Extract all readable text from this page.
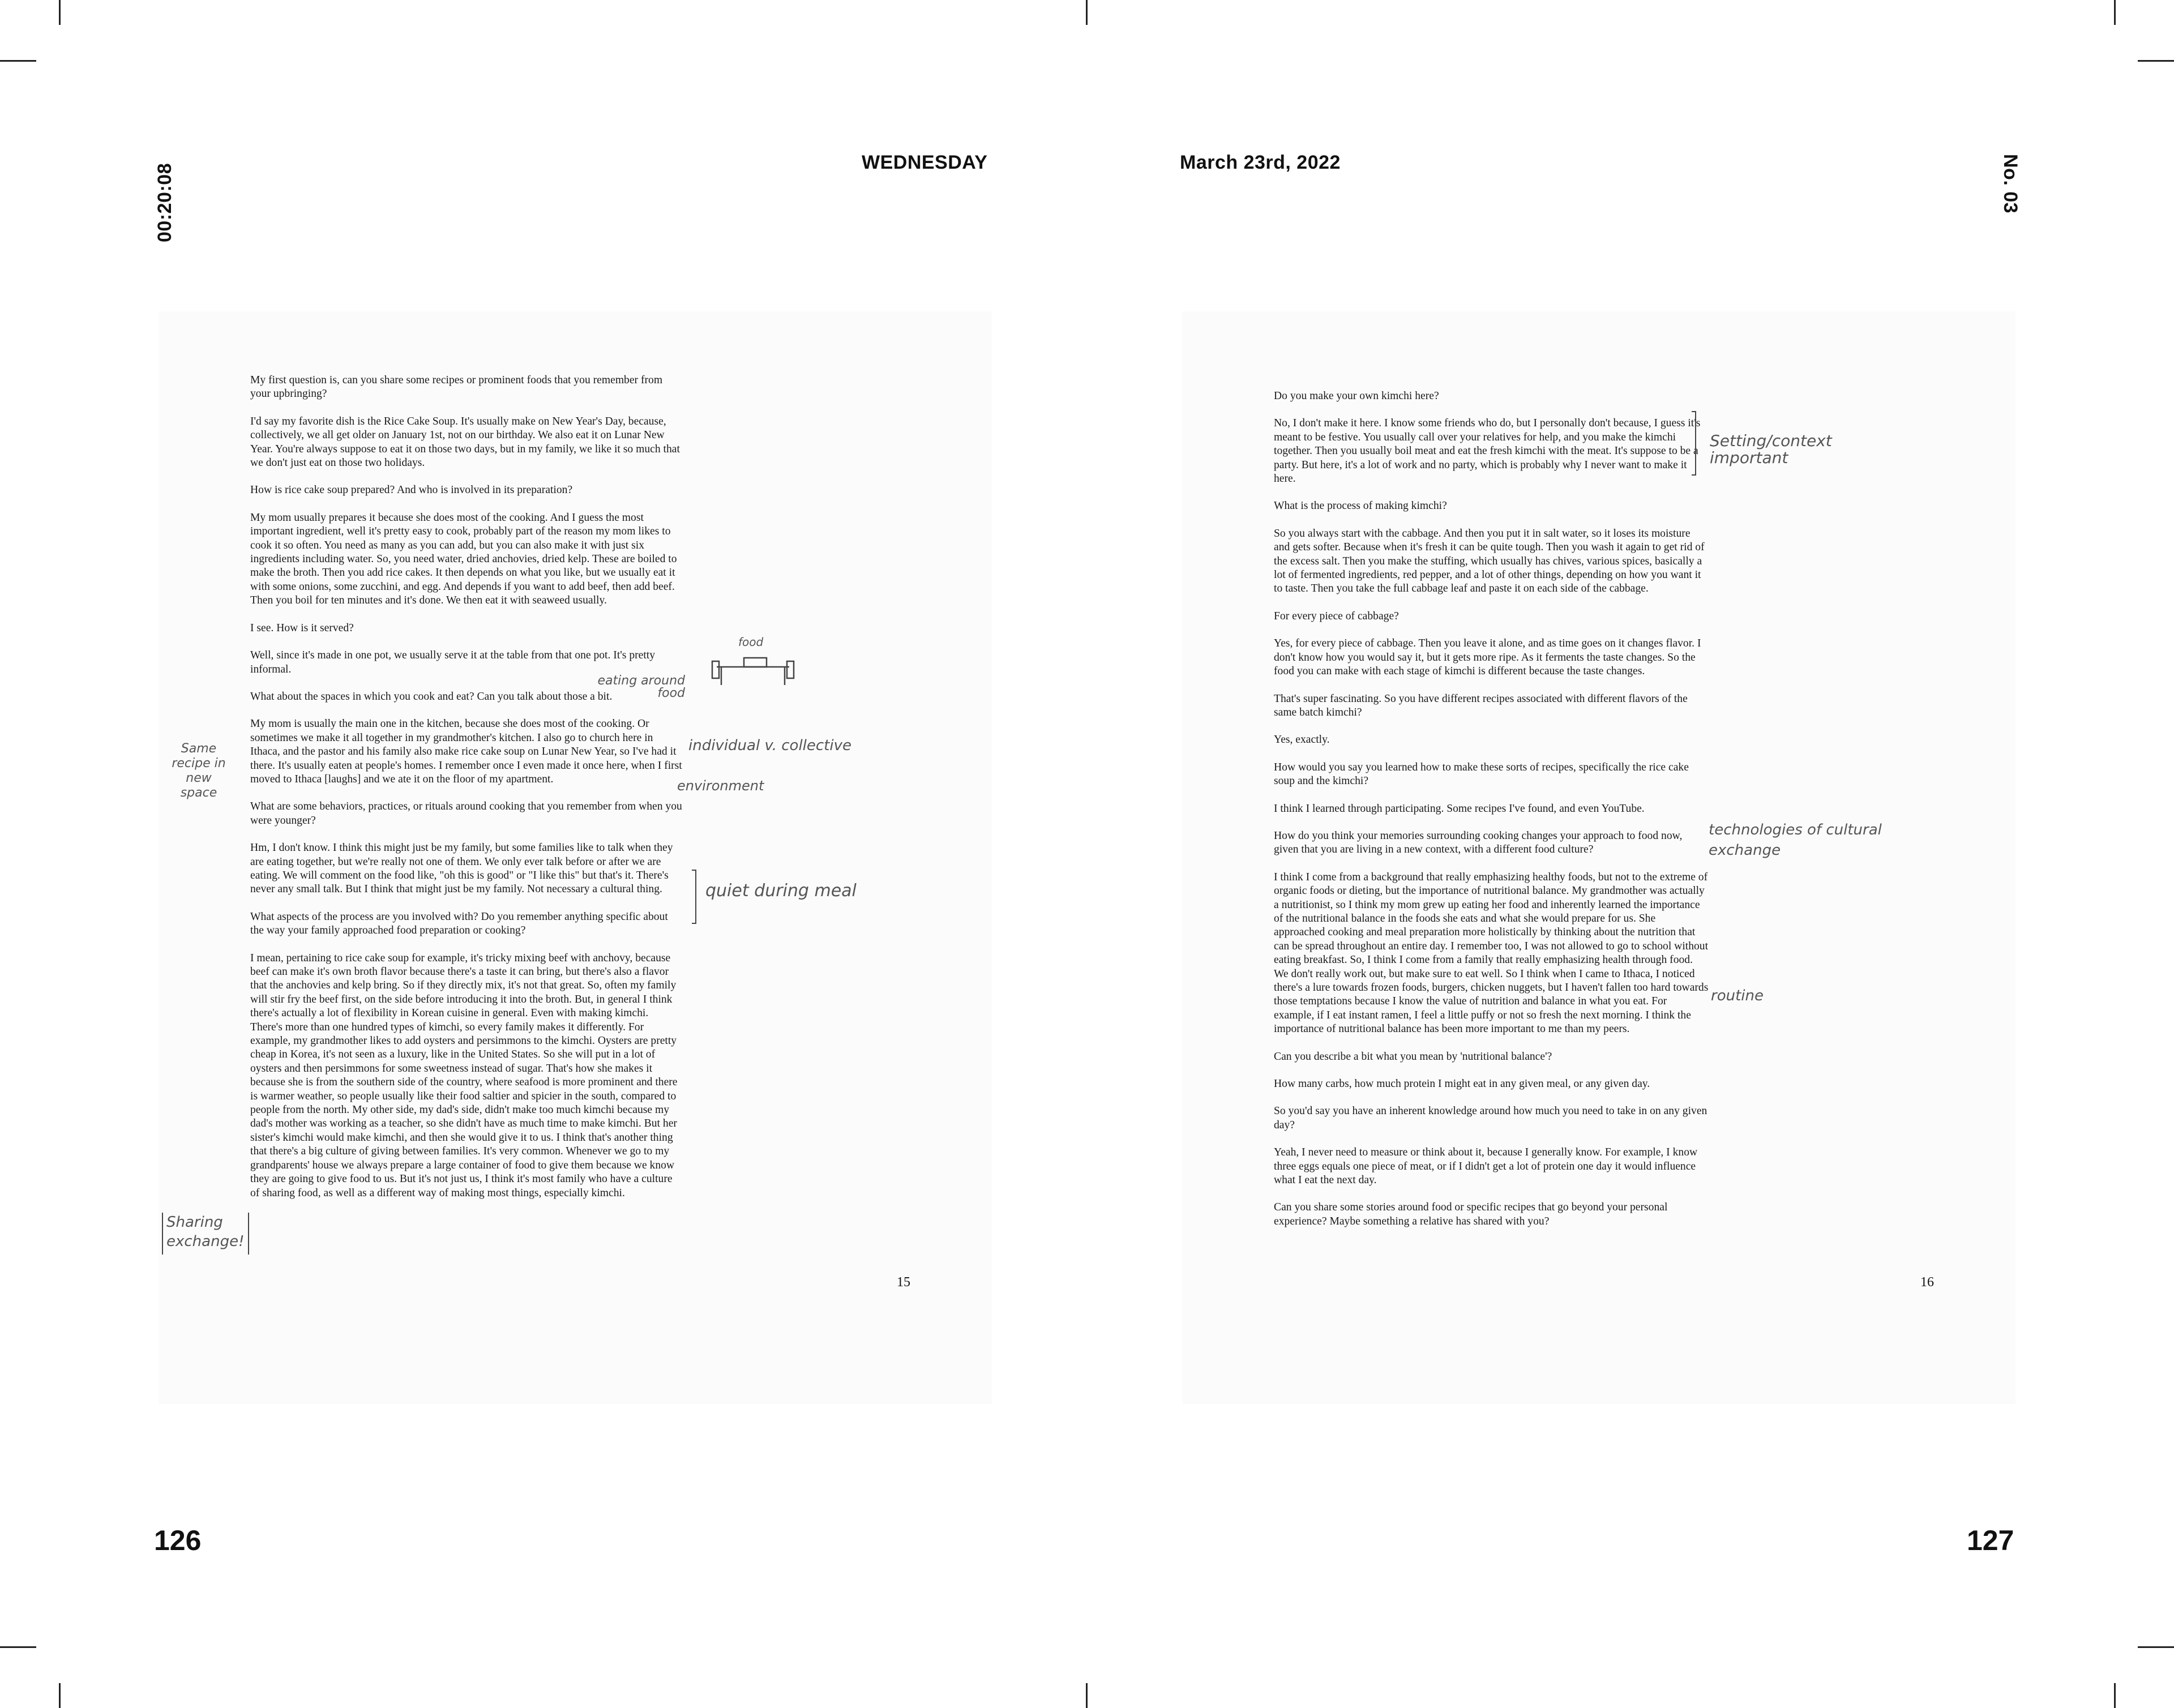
00:20:08
WEDNESDAY	March 23rd, 2022	No. 03
126	127

My first question is, can you share some recipes or prominent foods that you remember from your upbringing?

I'd say my favorite dish is the Rice Cake Soup. It's usually make on New Year's Day, because, collectively, we all get older on January 1st, not on our birthday. We also eat it on Lunar New Year. You're always suppose to eat it on those two days, but in my family, we like it so much that we don't just eat on those two holidays.

How is rice cake soup prepared? And who is involved in its preparation?

My mom usually prepares it because she does most of the cooking. And I guess the most important ingredient, well it's pretty easy to cook, probably part of the reason my mom likes to cook it so often. You need as many as you can add, but you can also make it with just six ingredients including water. So, you need water, dried anchovies, dried kelp. These are boiled to make the broth. Then you add rice cakes. It then depends on what you like, but we usually eat it with some onions, some zucchini, and egg. And depends if you want to add beef, then add beef. Then you boil for ten minutes and it's done. We then eat it with seaweed usually.

I see. How is it served?

Well, since it's made in one pot, we usually serve it at the table from that one pot. It's pretty informal.

What about the spaces in which you cook and eat? Can you talk about those a bit.

My mom is usually the main one in the kitchen, because she does most of the cooking. Or sometimes we make it all together in my grandmother's kitchen. I also go to church here in Ithaca, and the pastor and his family also make rice cake soup on Lunar New Year, so I've had it there. It's usually eaten at people's homes. I remember once I even made it once here, when I first moved to Ithaca [laughs] and we ate it on the floor of my apartment.

What are some behaviors, practices, or rituals around cooking that you remember from when you were younger?

Hm, I don't know. I think this might just be my family, but some families like to talk when they are eating together, but we're really not one of them. We only ever talk before or after we are eating. We will comment on the food like, "oh this is good" or "I like this" but that's it. There's never any small talk. But I think that might just be my family. Not necessary a cultural thing.

What aspects of the process are you involved with? Do you remember anything specific about the way your family approached food preparation or cooking?

I mean, pertaining to rice cake soup for example, it's tricky mixing beef with anchovy, because beef can make it's own broth flavor because there's a taste it can bring, but there's also a flavor that the anchovies and kelp bring. So if they directly mix, it's not that great. So, often my family will stir fry the beef first, on the side before introducing it into the broth. But, in general I think there's actually a lot of flexibility in Korean cuisine in general. Even with making kimchi. There's more than one hundred types of kimchi, so every family makes it differently. For example, my grandmother likes to add oysters and persimmons to the kimchi. Oysters are pretty cheap in Korea, it's not seen as a luxury, like in the United States. So she will put in a lot of oysters and then persimmons for some sweetness instead of sugar. That's how she makes it because she is from the southern side of the country, where seafood is more prominent and there is warmer weather, so people usually like their food saltier and spicier in the south, compared to people from the north. My other side, my dad's side, didn't make too much kimchi because my dad's mother was working as a teacher, so she didn't have as much time to make kimchi. But her sister's kimchi would make kimchi, and then she would give it to us. I think that's another thing that there's a big culture of giving between families. It's very common. Whenever we go to my grandparents' house we always prepare a large container of food to give them because we know they are going to give food to us. But it's not just us, I think it's most family who have a culture of sharing food, as well as a different way of making most things, especially kimchi.

15
food
eating around food
individual v. collective
environment
Same recipe in new space
quiet during meal
Sharing exchange!

Do you make your own kimchi here?

No, I don't make it here. I know some friends who do, but I personally don't because, I guess it's meant to be festive. You usually call over your relatives for help, and you make the kimchi together. Then you usually boil meat and eat the fresh kimchi with the meat. It's suppose to be a party. But here, it's a lot of work and no party, which is probably why I never want to make it here.

What is the process of making kimchi?

So you always start with the cabbage. And then you put it in salt water, so it loses its moisture and gets softer. Because when it's fresh it can be quite tough. Then you wash it again to get rid of the excess salt. Then you make the stuffing, which usually has chives, various spices, basically a lot of fermented ingredients, red pepper, and a lot of other things, depending on how you want it to taste. Then you take the full cabbage leaf and paste it on each side of the cabbage.

For every piece of cabbage?

Yes, for every piece of cabbage. Then you leave it alone, and as time goes on it changes flavor. I don't know how you would say it, but it gets more ripe. As it ferments the taste changes. So the food you can make with each stage of kimchi is different because the taste changes.

That's super fascinating. So you have different recipes associated with different flavors of the same batch kimchi?

Yes, exactly.

How would you say you learned how to make these sorts of recipes, specifically the rice cake soup and the kimchi?

I think I learned through participating. Some recipes I've found, and even YouTube.

How do you think your memories surrounding cooking changes your approach to food now, given that you are living in a new context, with a different food culture?

I think I come from a background that really emphasizing healthy foods, but not to the extreme of organic foods or dieting, but the importance of nutritional balance. My grandmother was actually a nutritionist, so I think my mom grew up eating her food and inherently learned the importance of the nutritional balance in the foods she eats and what she would prepare for us. She approached cooking and meal preparation more holistically by thinking about the nutrition that can be spread throughout an entire day. I remember too, I was not allowed to go to school without eating breakfast. So, I think I come from a family that really emphasizing health through food. We don't really work out, but make sure to eat well. So I think when I came to Ithaca, I noticed there's a lure towards frozen foods, burgers, chicken nuggets, but I haven't fallen too hard towards those temptations because I know the value of nutrition and balance in what you eat. For example, if I eat instant ramen, I feel a little puffy or not so fresh the next morning. I think the importance of nutritional balance has been more important to me than my peers.

Can you describe a bit what you mean by 'nutritional balance'?

How many carbs, how much protein I might eat in any given meal, or any given day.

So you'd say you have an inherent knowledge around how much you need to take in on any given day?

Yeah, I never need to measure or think about it, because I generally know. For example, I know three eggs equals one piece of meat, or if I didn't get a lot of protein one day it would influence what I eat the next day.

Can you share some stories around food or specific recipes that go beyond your personal experience? Maybe something a relative has shared with you?

16
Setting/context important
technologies of cultural exchange
routine
